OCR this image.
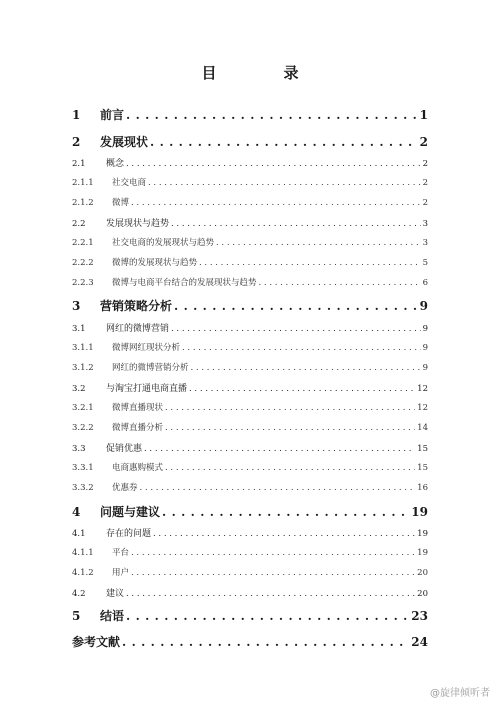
目　录
1	前言 . . .	1
2	发展现状 . . .	2
2.1	概念 . . .	2
2.1.1	社交电商 . . .	2
2.1.2	微博 . . .	2
2.2	发展现状与趋势 . . .	3
2.2.1	社交电商的发展现状与趋势 . . .	3
2.2.2	微博的发展现状与趋势 . . .	5
2.2.3	微博与电商平台结合的发展现状与趋势 . . .	6
3	营销策略分析 . . .	9
3.1	网红的微博营销 . . .	9
3.1.1	微博网红现状分析 . . .	9
3.1.2	网红的微博营销分析 . . .	9
3.2	与淘宝打通电商直播 . . .	12
3.2.1	微博直播现状 . . .	12
3.2.2	微博直播分析 . . .	14
3.3	促销优惠 . . .	15
3.3.1	电商惠购模式 . . .	15
3.3.2	优惠券 . . .	16
4	问题与建议 . . .	19
4.1	存在的问题 . . .	19
4.1.1	平台 . . .	19
4.1.2	用户 . . .	20
4.2	建议 . . .	20
5	结语 . . .	23
参考文献 . . .	24
@旋律倾听者
